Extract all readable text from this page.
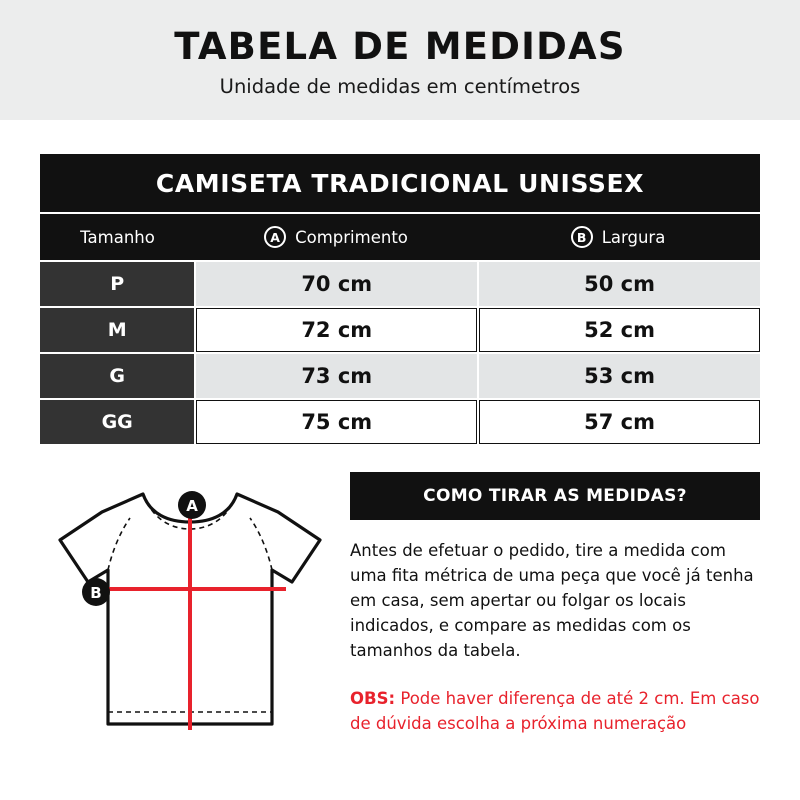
TABELA DE MEDIDAS
Unidade de medidas em centímetros
CAMISETA TRADICIONAL UNISSEX
Tamanho	A Comprimento	B Largura
P	70 cm	50 cm
M	72 cm	52 cm
G	73 cm	53 cm
GG	75 cm	57 cm
A
B
COMO TIRAR AS MEDIDAS?
Antes de efetuar o pedido, tire a medida com uma fita métrica de uma peça que você já tenha em casa, sem apertar ou folgar os locais indicados, e compare as medidas com os tamanhos da tabela.
OBS: Pode haver diferença de até 2 cm. Em caso de dúvida escolha a próxima numeração
